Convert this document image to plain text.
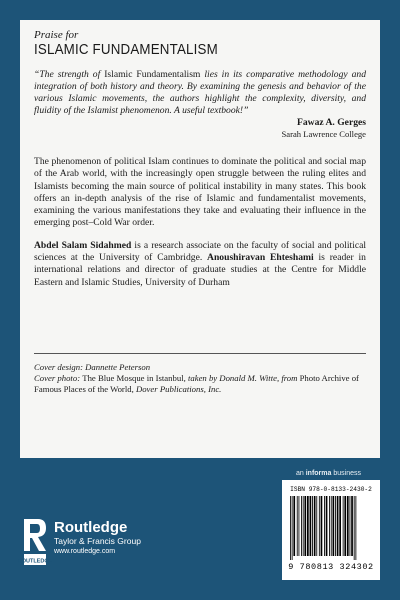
Praise for
ISLAMIC FUNDAMENTALISM
“The strength of Islamic Fundamentalism lies in its comparative methodology and integration of both history and theory. By examining the genesis and behavior of the various Islamic movements, the authors highlight the complexity, diversity, and fluidity of the Islamist phenomenon. A useful textbook!”
Fawaz A. Gerges
Sarah Lawrence College
The phenomenon of political Islam continues to dominate the political and social map of the Arab world, with the increasingly open struggle between the ruling elites and Islamists becoming the main source of political instability in many states. This book offers an in-depth analysis of the rise of Islamic and fundamentalist movements, examining the various manifestations they take and evaluating their influence in the emerging post–Cold War order.
Abdel Salam Sidahmed is a research associate on the faculty of social and political sciences at the University of Cambridge. Anoushiravan Ehteshami is reader in international relations and director of graduate studies at the Centre for Middle Eastern and Islamic Studies, University of Durham
Cover design: Dannette Peterson
Cover photo: The Blue Mosque in Istanbul, taken by Donald M. Witte, from Photo Archive of Famous Places of the World, Dover Publications, Inc.
an informa business
ISBN 978-0-8133-2430-2
9 780813 324302
ROUTLEDGE
Routledge
Taylor & Francis Group
www.routledge.com
